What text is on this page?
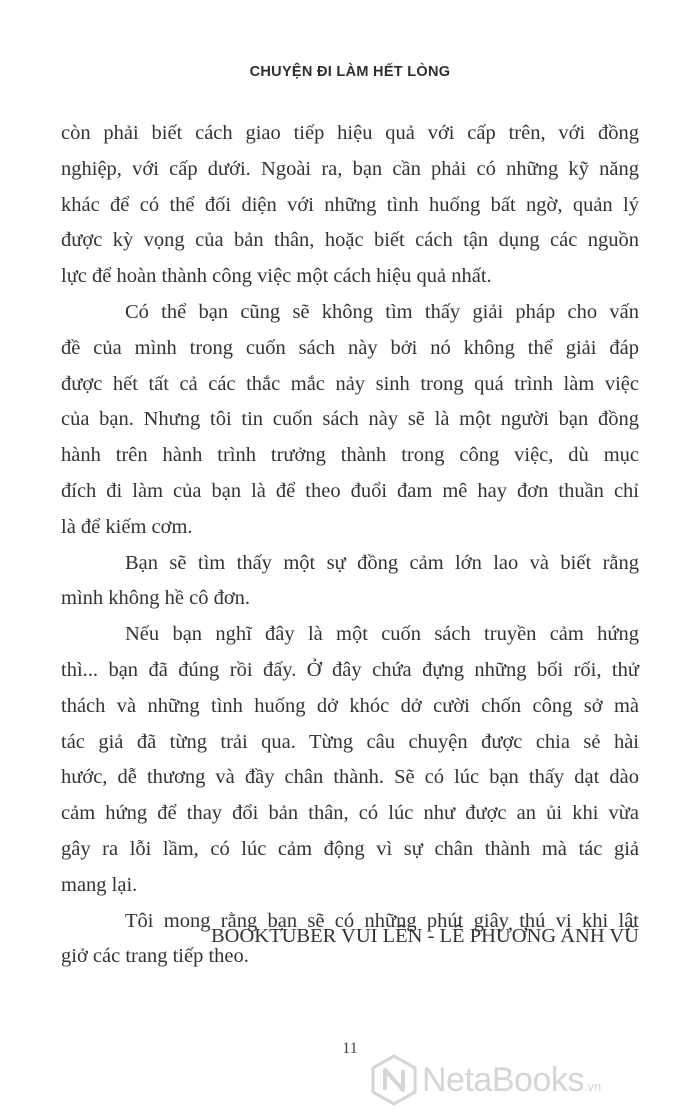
CHUYỆN ĐI LÀM HẾT LÒNG
còn phải biết cách giao tiếp hiệu quả với cấp trên, với đồng
nghiệp, với cấp dưới. Ngoài ra, bạn cần phải có những kỹ năng
khác để có thể đối diện với những tình huống bất ngờ, quản lý
được kỳ vọng của bản thân, hoặc biết cách tận dụng các nguồn
lực để hoàn thành công việc một cách hiệu quả nhất.
Có thể bạn cũng sẽ không tìm thấy giải pháp cho vấn
đề của mình trong cuốn sách này bởi nó không thể giải đáp
được hết tất cả các thắc mắc nảy sinh trong quá trình làm việc
của bạn. Nhưng tôi tin cuốn sách này sẽ là một người bạn đồng
hành trên hành trình trưởng thành trong công việc, dù mục
đích đi làm của bạn là để theo đuổi đam mê hay đơn thuần chỉ
là để kiếm cơm.
Bạn sẽ tìm thấy một sự đồng cảm lớn lao và biết rằng
mình không hề cô đơn.
Nếu bạn nghĩ đây là một cuốn sách truyền cảm hứng
thì... bạn đã đúng rồi đấy. Ở đây chứa đựng những bối rối, thử
thách và những tình huống dở khóc dở cười chốn công sở mà
tác giả đã từng trải qua. Từng câu chuyện được chia sẻ hài
hước, dễ thương và đầy chân thành. Sẽ có lúc bạn thấy dạt dào
cảm hứng để thay đổi bản thân, có lúc như được an ủi khi vừa
gây ra lỗi lầm, có lúc cảm động vì sự chân thành mà tác giả
mang lại.
Tôi mong rằng bạn sẽ có những phút giây thú vị khi lật
giở các trang tiếp theo.
BOOKTUBER VUI LÊN - LÊ PHƯƠNG ANH VŨ
11
NetaBooks.vn
